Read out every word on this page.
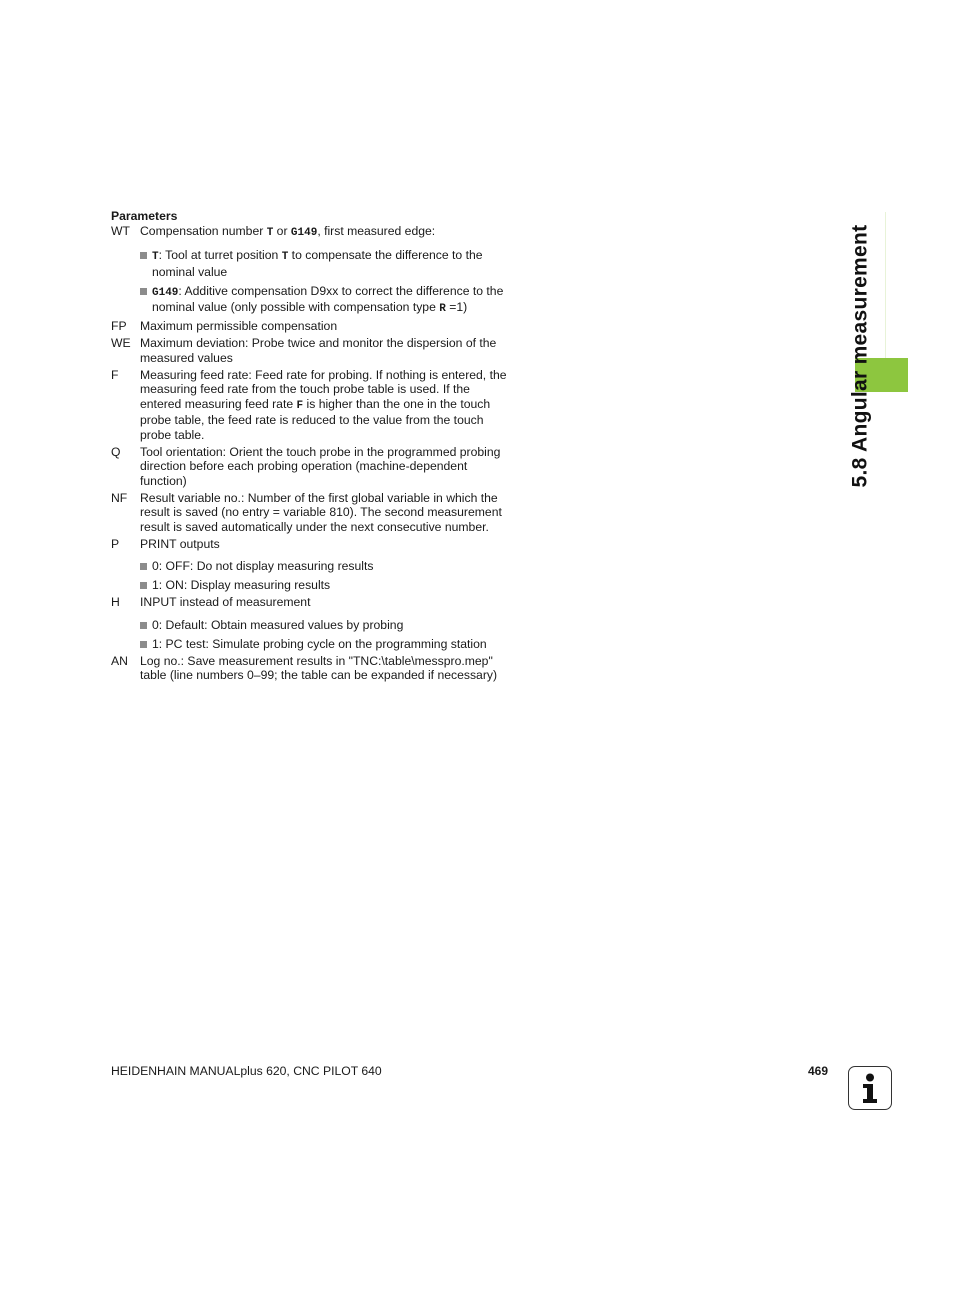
5.8 Angular measurement

Parameters

WT Compensation number T or G149, first measured edge:
T: Tool at turret position T to compensate the difference to the nominal value
G149: Additive compensation D9xx to correct the difference to the nominal value (only possible with compensation type R =1)
FP	Maximum permissible compensation
WE Maximum deviation: Probe twice and monitor the dispersion of the measured values
F	Measuring feed rate: Feed rate for probing. If nothing is entered, the measuring feed rate from the touch probe table is used. If the entered measuring feed rate F is higher than the one in the touch probe table, the feed rate is reduced to the value from the touch probe table.
Q	Tool orientation: Orient the touch probe in the programmed probing direction before each probing operation (machine-dependent function)
NF	Result variable no.: Number of the first global variable in which the result is saved (no entry = variable 810). The second measurement result is saved automatically under the next consecutive number.
P	PRINT outputs
0: OFF: Do not display measuring results
1: ON: Display measuring results
H	INPUT instead of measurement
0: Default: Obtain measured values by probing
1: PC test: Simulate probing cycle on the programming station
AN Log no.: Save measurement results in "TNC:\table\messpro.mep" table (line numbers 0–99; the table can be expanded if necessary)
HEIDENHAIN MANUALplus 620, CNC PILOT 640	469
